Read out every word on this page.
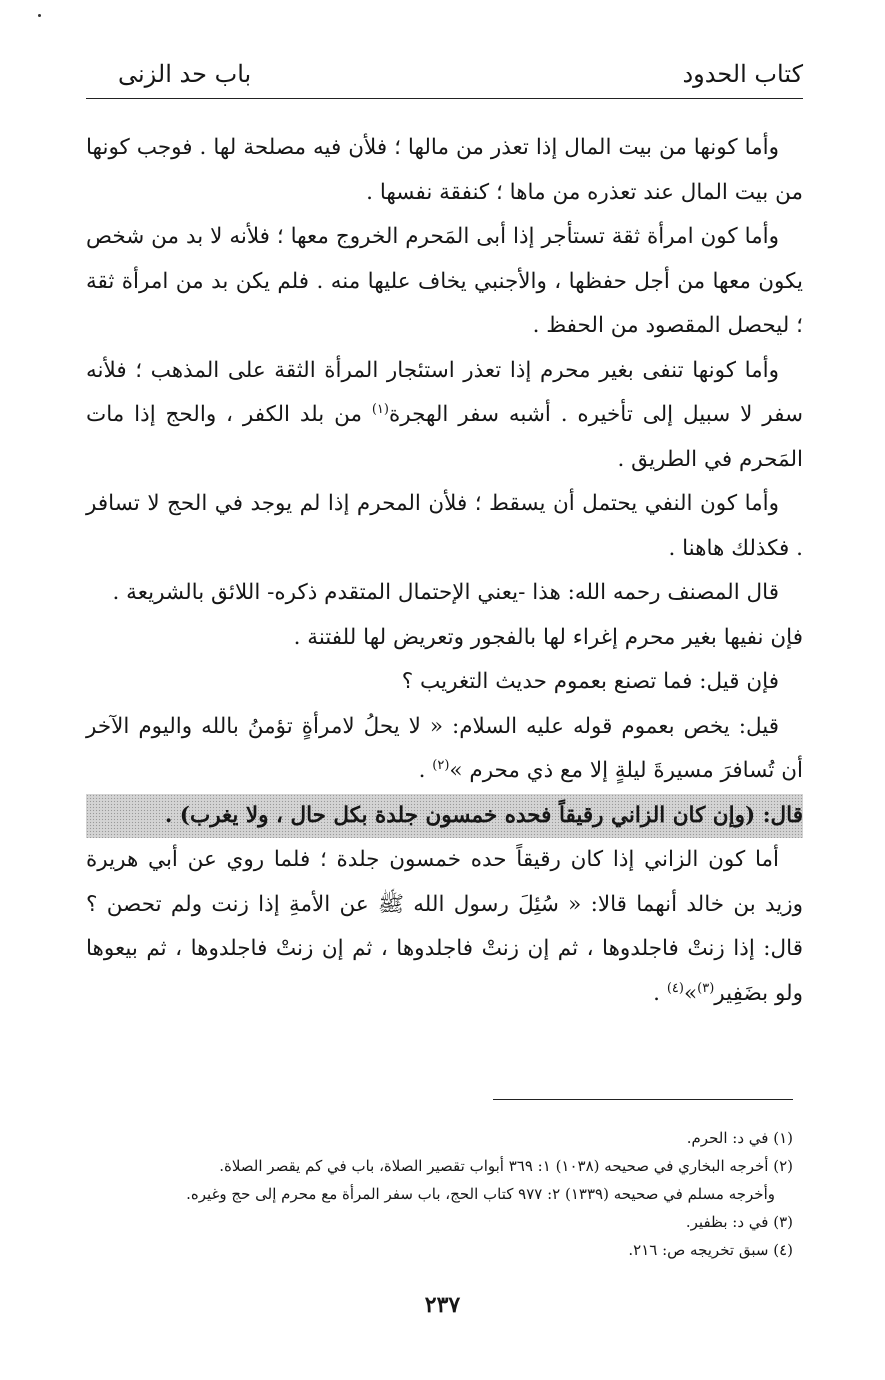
كتاب الحدود
باب حد الزنى

وأما كونها من بيت المال إذا تعذر من مالها ؛ فلأن فيه مصلحة لها . فوجب كونها من بيت المال عند تعذره من ماها ؛ كنفقة نفسها .

وأما كون امرأة ثقة تستأجر إذا أبى المَحرم الخروج معها ؛ فلأنه لا بد من شخص يكون معها من أجل حفظها ، والأجنبي يخاف عليها منه . فلم يكن بد من امرأة ثقة ؛ ليحصل المقصود من الحفظ .

وأما كونها تنفى بغير محرم إذا تعذر استئجار المرأة الثقة على المذهب ؛ فلأنه سفر لا سبيل إلى تأخيره . أشبه سفر الهجرة$^{(١)}$ من بلد الكفر ، والحج إذا مات المَحرم في الطريق .

وأما كون النفي يحتمل أن يسقط ؛ فلأن المحرم إذا لم يوجد في الحج لا تسافر . فكذلك هاهنا .

قال المصنف رحمه الله: هذا -يعني الإحتمال المتقدم ذكره- اللائق بالشريعة .

فإن نفيها بغير محرم إغراء لها بالفجور وتعريض لها للفتنة .

فإن قيل: فما تصنع بعموم حديث التغريب ؟

قيل: يخص بعموم قوله عليه السلام: « لا يحلُ لامرأةٍ تؤمنُ بالله واليوم الآخر أن تُسافرَ مسيرةَ ليلةٍ إلا مع ذي محرم »$^{(٢)}$ .

قال: (وإن كان الزاني رقيقاً فحده خمسون جلدة بكل حال ، ولا يغرب) .

أما كون الزاني إذا كان رقيقاً حده خمسون جلدة ؛ فلما روي عن أبي هريرة وزيد بن خالد أنهما قالا: « سُئِلَ رسول الله ﷺ عن الأمةِ إذا زنت ولم تحصن ؟ قال: إذا زنتْ فاجلدوها ، ثم إن زنتْ فاجلدوها ، ثم إن زنتْ فاجلدوها ، ثم بيعوها ولو بضَفِير$^{(٣)}$»$^{(٤)}$ .

(١) في د: الحرم.
(٢) أخرجه البخاري في صحيحه (١٠٣٨) ١: ٣٦٩ أبواب تقصير الصلاة، باب في كم يقصر الصلاة.
وأخرجه مسلم في صحيحه (١٣٣٩) ٢: ٩٧٧ كتاب الحج، باب سفر المرأة مع محرم إلى حج وغيره.
(٣) في د: بظفير.
(٤) سبق تخريجه ص: ٢١٦.
٢٣٧
